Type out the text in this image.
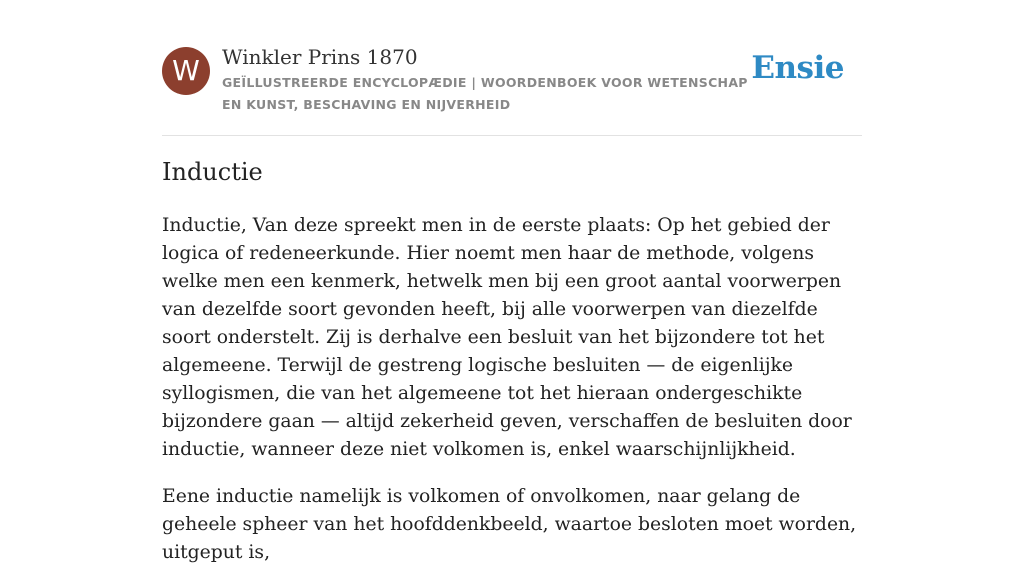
W	Winkler Prins 1870
GEÏLLUSTREERDE ENCYCLOPÆDIE | WOORDENBOEK VOOR WETENSCHAP EN KUNST, BESCHAVING EN NIJVERHEID
Ensie
Inductie

Inductie, Van deze spreekt men in de eerste plaats: Op het gebied der logica of redeneerkunde. Hier noemt men haar de methode, volgens welke men een kenmerk, hetwelk men bij een groot aantal voorwerpen van dezelfde soort gevonden heeft, bij alle voorwerpen van diezelfde soort onderstelt. Zij is derhalve een besluit van het bijzondere tot het algemeene. Terwijl de gestreng logische besluiten — de eigenlijke syllogismen, die van het algemeene tot het hieraan ondergeschikte bijzondere gaan — altijd zekerheid geven, verschaffen de besluiten door inductie, wanneer deze niet volkomen is, enkel waarschijnlijkheid.

Eene inductie namelijk is volkomen of onvolkomen, naar gelang de geheele spheer van het hoofddenkbeeld, waartoe besloten moet worden, uitgeput is,
